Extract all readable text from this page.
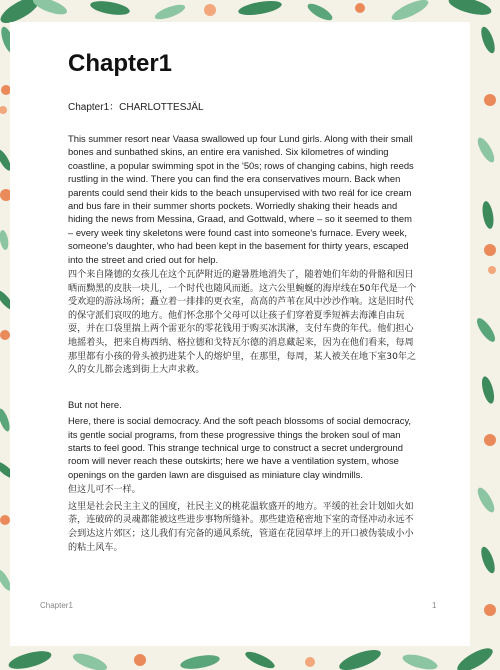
Chapter1

Chapter1：CHARLOTTESJÄL

This summer resort near Vaasa swallowed up four Lund girls. Along with their small bones and sunbathed skins, an entire era vanished. Six kilometres of winding coastline, a popular swimming spot in the '50s; rows of changing cabins, high reeds rustling in the wind. There you can find the era conservatives mourn. Back when parents could send their kids to the beach unsupervised with two reál for ice cream and bus fare in their summer shorts pockets. Worriedly shaking their heads and hiding the news from Messina, Graad, and Gottwald, where – so it seemed to them – every week tiny skeletons were found cast into someone's furnace. Every week, someone's daughter, who had been kept in the basement for thirty years, escaped into the street and cried out for help.

四个来自隆德的女孩儿在这个瓦萨附近的避暑胜地消失了，随着她们年幼的骨骼和因日晒而黝黑的皮肤一块儿，一个时代也随风而逝。这六公里蜿蜒的海岸线在50年代是一个受欢迎的游泳场所；矗立着一排排的更衣室，高高的芦苇在风中沙沙作响。这是旧时代的保守派们哀叹的地方。他们怀念那个父母可以让孩子们穿着夏季短裤去海滩自由玩耍，并在口袋里揣上两个雷亚尔的零花钱用于购买冰淇淋，支付车费的年代。他们担心地摇着头，把来自梅西纳、格拉德和戈特瓦尔德的消息藏起来，因为在他们看来，每周那里都有小孩的骨头被扔进某个人的熔炉里，在那里，每周，某人被关在地下室30年之久的女儿都会逃到街上大声求救。

But not here.

Here, there is social democracy. And the soft peach blossoms of social democracy, its gentle social programs, from these progressive things the broken soul of man starts to feel good. This strange technical urge to construct a secret underground room will never reach these outskirts; here we have a ventilation system, whose openings on the garden lawn are disguised as miniature clay windmills.

但这儿可不一样。

这里是社会民主主义的国度，社民主义的桃花温软盛开的地方。平缓的社会计划如火如荼，连破碎的灵魂都能被这些进步事物所缝补。那些建造秘密地下室的奇怪冲动永远不会到达这片郊区；这儿我们有完备的通风系统，管道在花园草坪上的开口被伪装成小小的粘土风车。

Chapter1	1
